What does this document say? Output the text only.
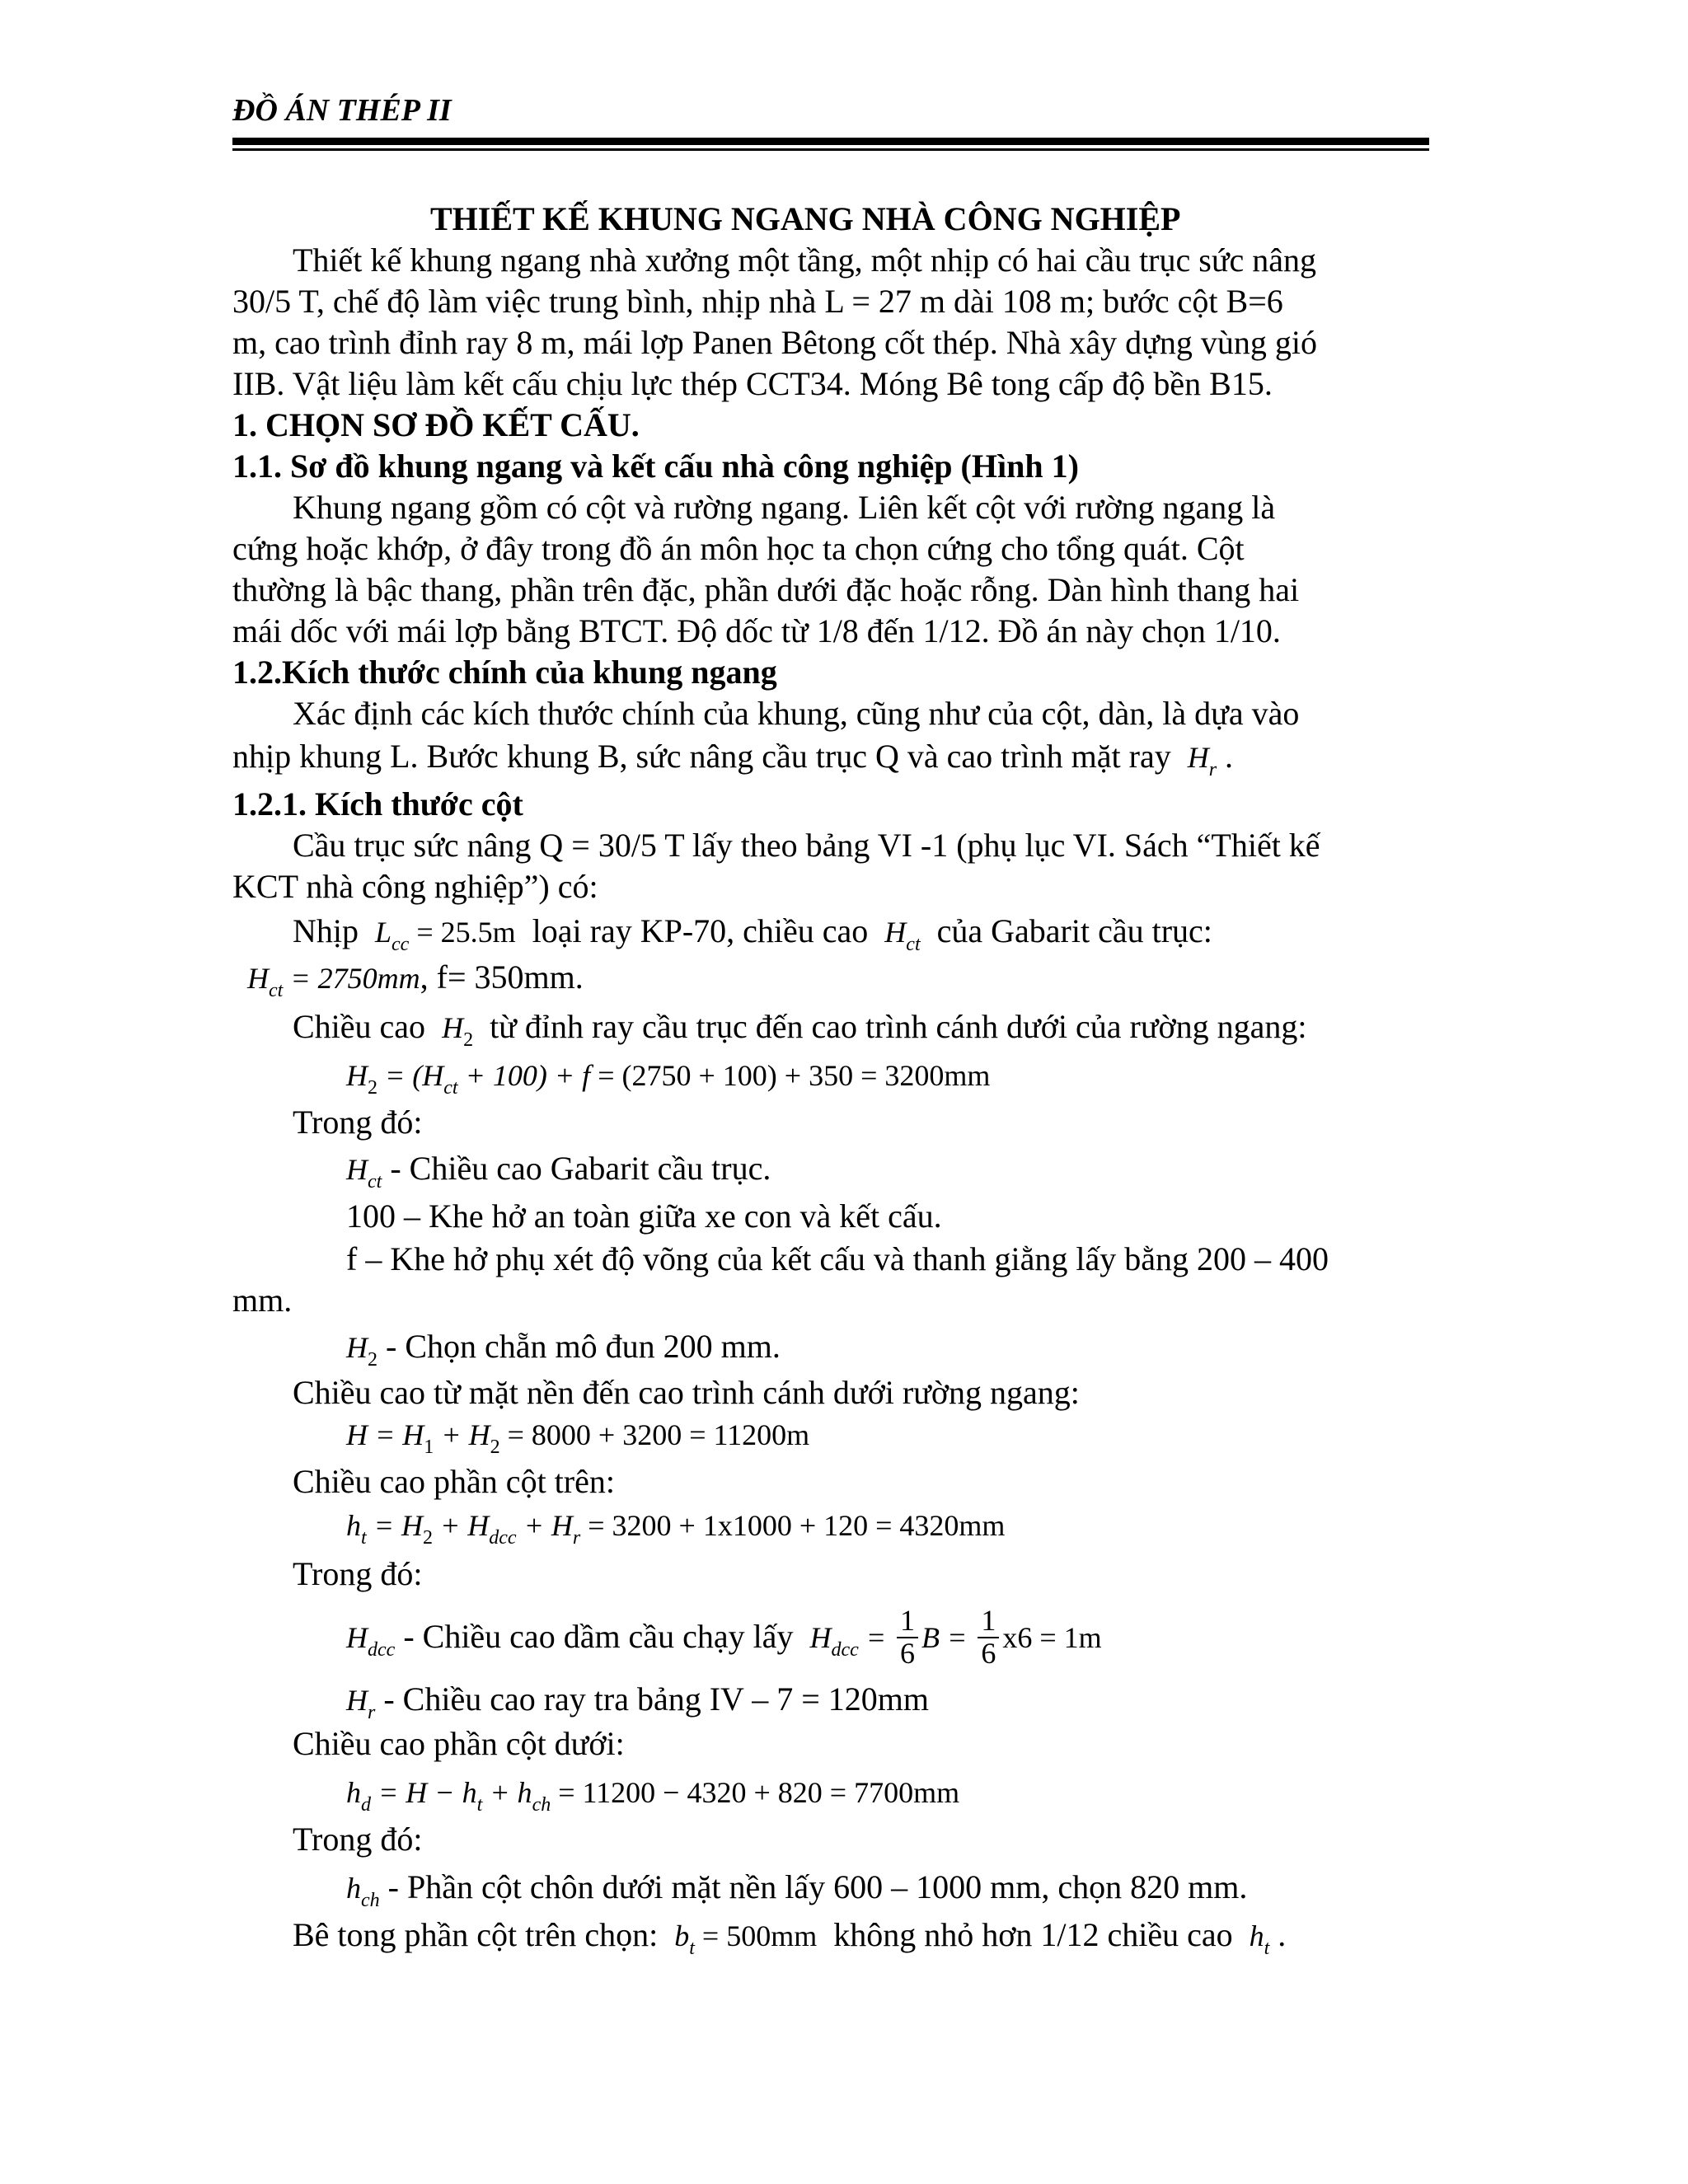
ĐỒ ÁN THÉP II
THIẾT KẾ KHUNG NGANG NHÀ CÔNG NGHIỆP
Thiết kế khung ngang nhà xưởng một tầng, một nhịp có hai cầu trục sức nâng
30/5 T, chế độ làm việc trung bình, nhịp nhà L = 27 m dài 108 m; bước cột B=6
m, cao trình đỉnh ray 8 m, mái lợp Panen Bêtong cốt thép. Nhà xây dựng vùng gió
IIB. Vật liệu làm kết cấu chịu lực thép CCT34. Móng Bê tong cấp độ bền B15.
1. CHỌN SƠ ĐỒ KẾT CẤU.
1.1. Sơ đồ khung ngang và kết cấu nhà công nghiệp (Hình 1)
Khung ngang gồm có cột và rường ngang. Liên kết cột với rường ngang là
cứng hoặc khớp, ở đây trong đồ án môn học ta chọn cứng cho tổng quát. Cột
thường là bậc thang, phần trên đặc, phần dưới đặc hoặc rỗng. Dàn hình thang hai
mái dốc với mái lợp bằng BTCT. Độ dốc từ 1/8 đến 1/12. Đồ án này chọn 1/10.
1.2.Kích thước chính của khung ngang
Xác định các kích thước chính của khung, cũng như của cột, dàn, là dựa vào
nhịp khung L. Bước khung B, sức nâng cầu trục Q và cao trình mặt ray $H_r$ .
1.2.1. Kích thước cột
Cầu trục sức nâng Q = 30/5 T lấy theo bảng VI -1 (phụ lục VI. Sách “Thiết kế
KCT nhà công nghiệp”) có:
Nhịp $L_{cc} = 25.5m$ loại ray KP-70, chiều cao $H_{ct}$ của Gabarit cầu trục:
$H_{ct} = 2750mm$, f= 350mm.
Chiều cao $H_2$ từ đỉnh ray cầu trục đến cao trình cánh dưới của rường ngang:
$H_2 = (H_{ct} + 100) + f = (2750 + 100) + 350 = 3200mm$
Trong đó:
$H_{ct}$ - Chiều cao Gabarit cầu trục.
100 – Khe hở an toàn giữa xe con và kết cấu.
f – Khe hở phụ xét độ võng của kết cấu và thanh giằng lấy bằng 200 – 400
mm.
$H_2$ - Chọn chẵn mô đun 200 mm.
Chiều cao từ mặt nền đến cao trình cánh dưới rường ngang:
$H = H_1 + H_2 = 8000 + 3200 = 11200m$
Chiều cao phần cột trên:
$h_t = H_2 + H_{dcc} + H_r = 3200 + 1x1000 + 120 = 4320mm$
Trong đó:
$H_{dcc}$ - Chiều cao dầm cầu chạy lấy $H_{dcc} = \frac{1}{6}$ $B = \frac{1}{6} x6 = 1m$
$H_r$ - Chiều cao ray tra bảng IV – 7 = 120mm
Chiều cao phần cột dưới:
$h_d = H - h_t + h_{ch} = 11200 - 4320 + 820 = 7700mm$
Trong đó:
$h_{ch}$ - Phần cột chôn dưới mặt nền lấy 600 – 1000 mm, chọn 820 mm.
Bê tong phần cột trên chọn: $b_t = 500mm$ không nhỏ hơn 1/12 chiều cao $h_t$ .
